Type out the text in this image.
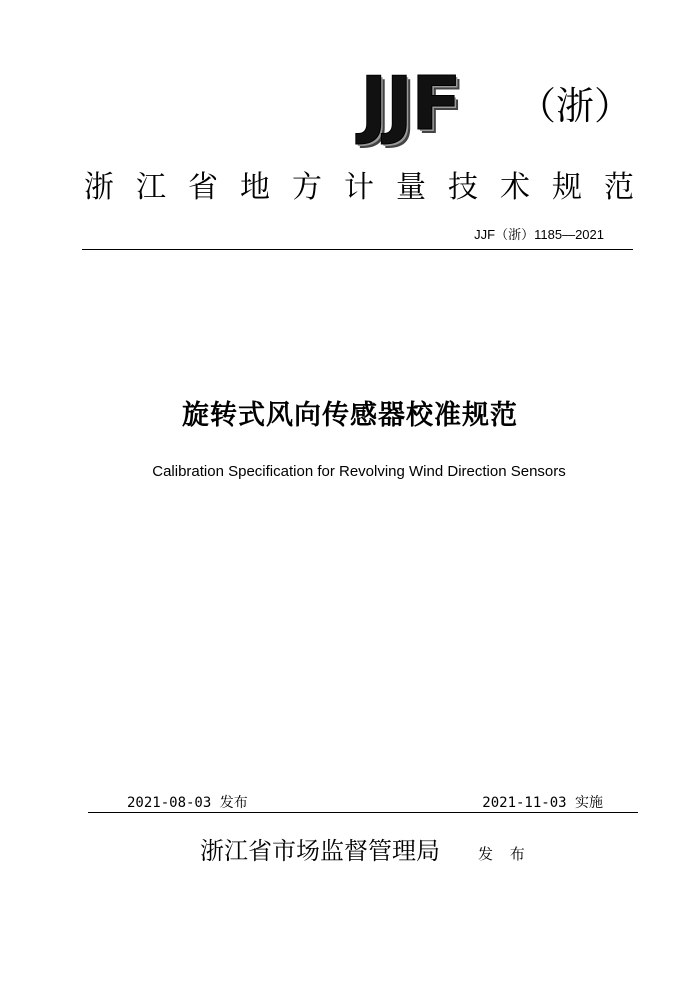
JJF （浙）
浙 江 省 地 方 计 量 技 术 规 范
JJF（浙）1185—2021
旋转式风向传感器校准规范
Calibration Specification for Revolving Wind Direction Sensors
2021-08-03 发布	2021-11-03 实施
浙江省市场监督管理局	发 布
